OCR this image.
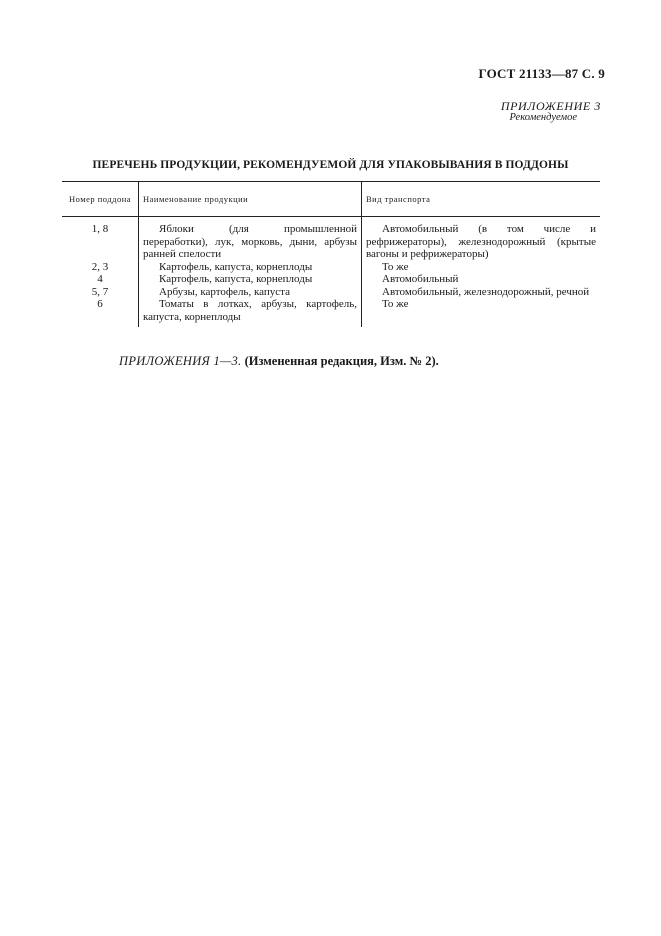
ГОСТ 21133—87 С. 9
ПРИЛОЖЕНИЕ 3
Рекомендуемое
ПЕРЕЧЕНЬ ПРОДУКЦИИ, РЕКОМЕНДУЕМОЙ ДЛЯ УПАКОВЫВАНИЯ В ПОДДОНЫ
Номер поддона	Наименование продукции	Вид транспорта
1, 8	Яблоки (для промышленной переработки), лук, морковь, дыни, арбузы ранней спелости	Автомобильный (в том числе и рефрижераторы), железнодорожный (крытые вагоны и рефрижераторы)
2, 3	Картофель, капуста, корнеплоды	То же
4	Картофель, капуста, корнеплоды	Автомобильный
5, 7	Арбузы, картофель, капуста	Автомобильный, железнодорожный, речной
6	Томаты в лотках, арбузы, картофель, капуста, корнеплоды	То же
ПРИЛОЖЕНИЯ 1—3. (Измененная редакция, Изм. № 2).
